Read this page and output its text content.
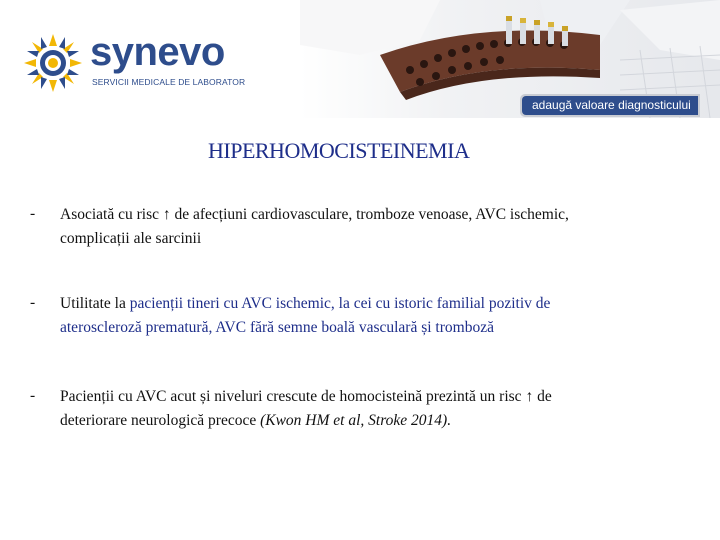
synevo
SERVICII MEDICALE DE LABORATOR
adaugă valoare diagnosticului
HIPERHOMOCISTEINEMIA
- Asociată cu risc ↑ de afecțiuni cardiovasculare, tromboze venoase, AVC ischemic,
complicații ale sarcinii
- Utilitate la pacienții tineri cu AVC ischemic, la cei cu istoric familial pozitiv de
ateroscleroză prematură, AVC fără semne boală vasculară și tromboză
- Pacienții cu AVC acut și niveluri crescute de homocisteină prezintă un risc ↑ de
deteriorare neurologică precoce (Kwon HM et al, Stroke 2014).
